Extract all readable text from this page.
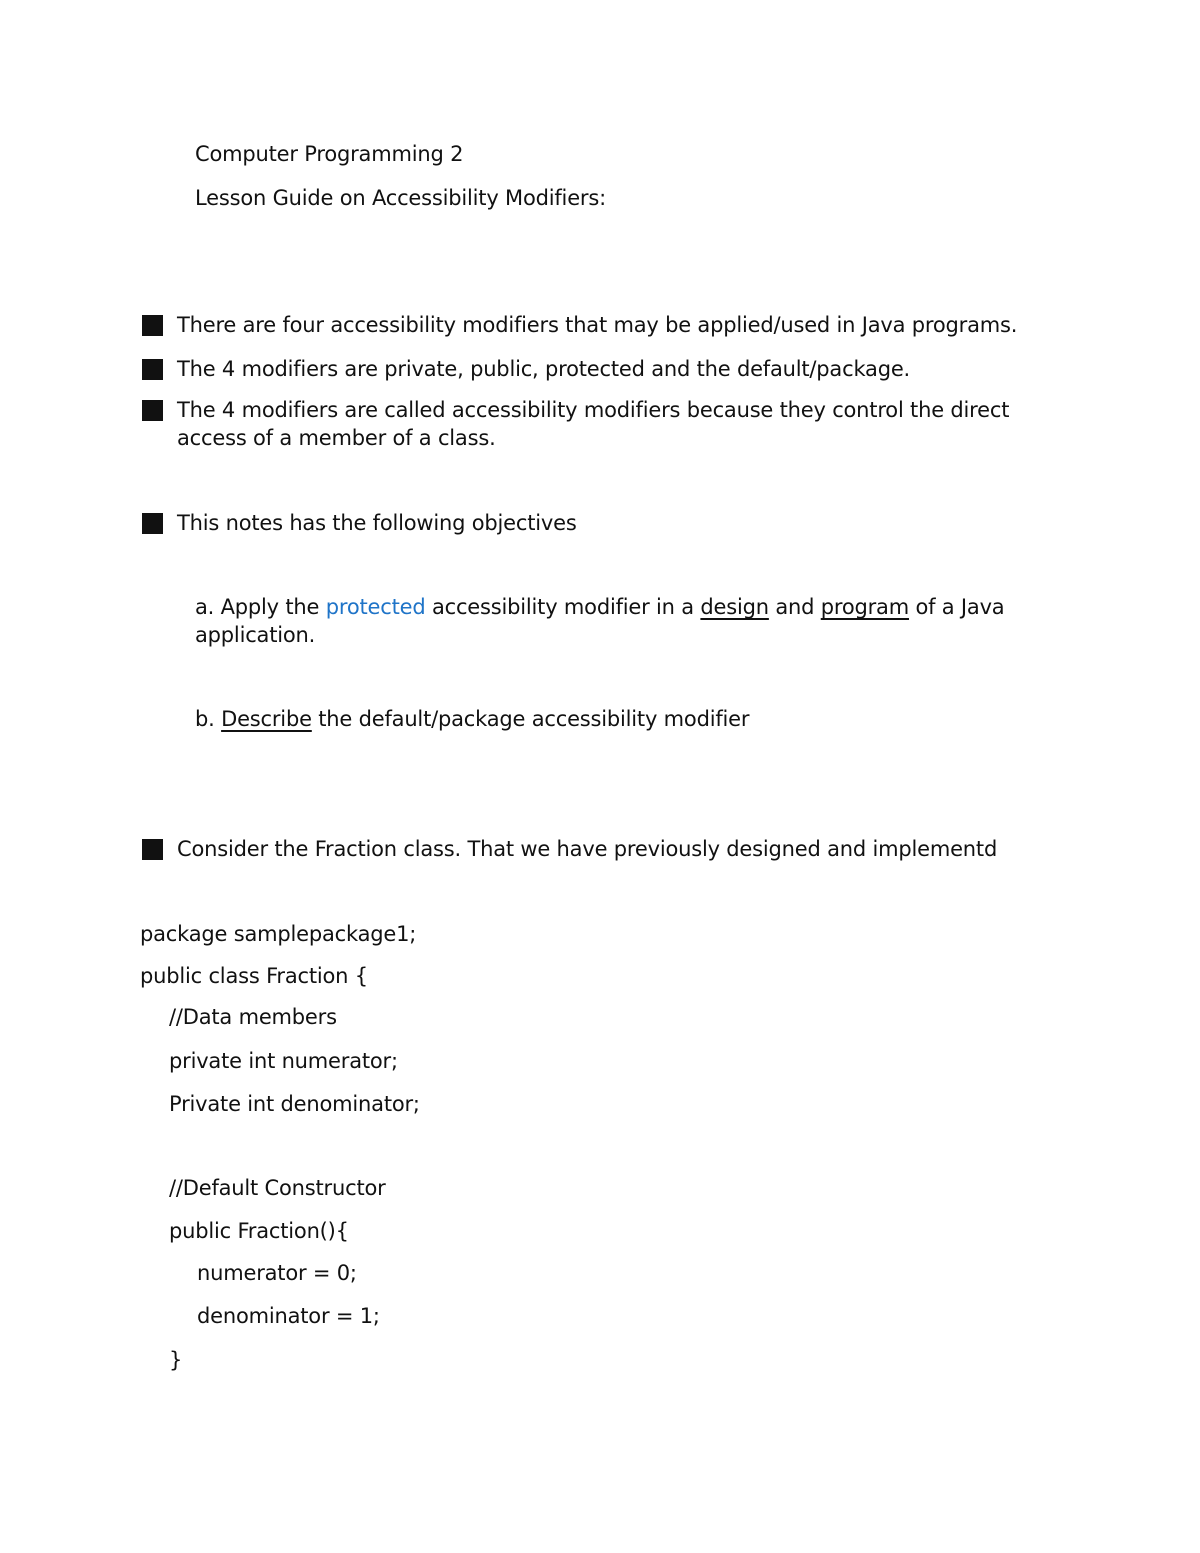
Computer Programming 2
Lesson Guide on Accessibility Modifiers:
There are four accessibility modifiers that may be applied/used in Java programs.
The 4 modifiers are private, public, protected and the default/package.
The 4 modifiers are called accessibility modifiers because they control the direct access of a member of a class.
This notes has the following objectives
a. Apply the protected accessibility modifier in a design and program of a Java application.
b. Describe the default/package accessibility modifier
Consider the Fraction class. That we have previously designed and implementd
package samplepackage1;
public class Fraction {
//Data members
private int numerator;
Private int denominator;
//Default Constructor
public Fraction(){
numerator = 0;
denominator = 1;
}
